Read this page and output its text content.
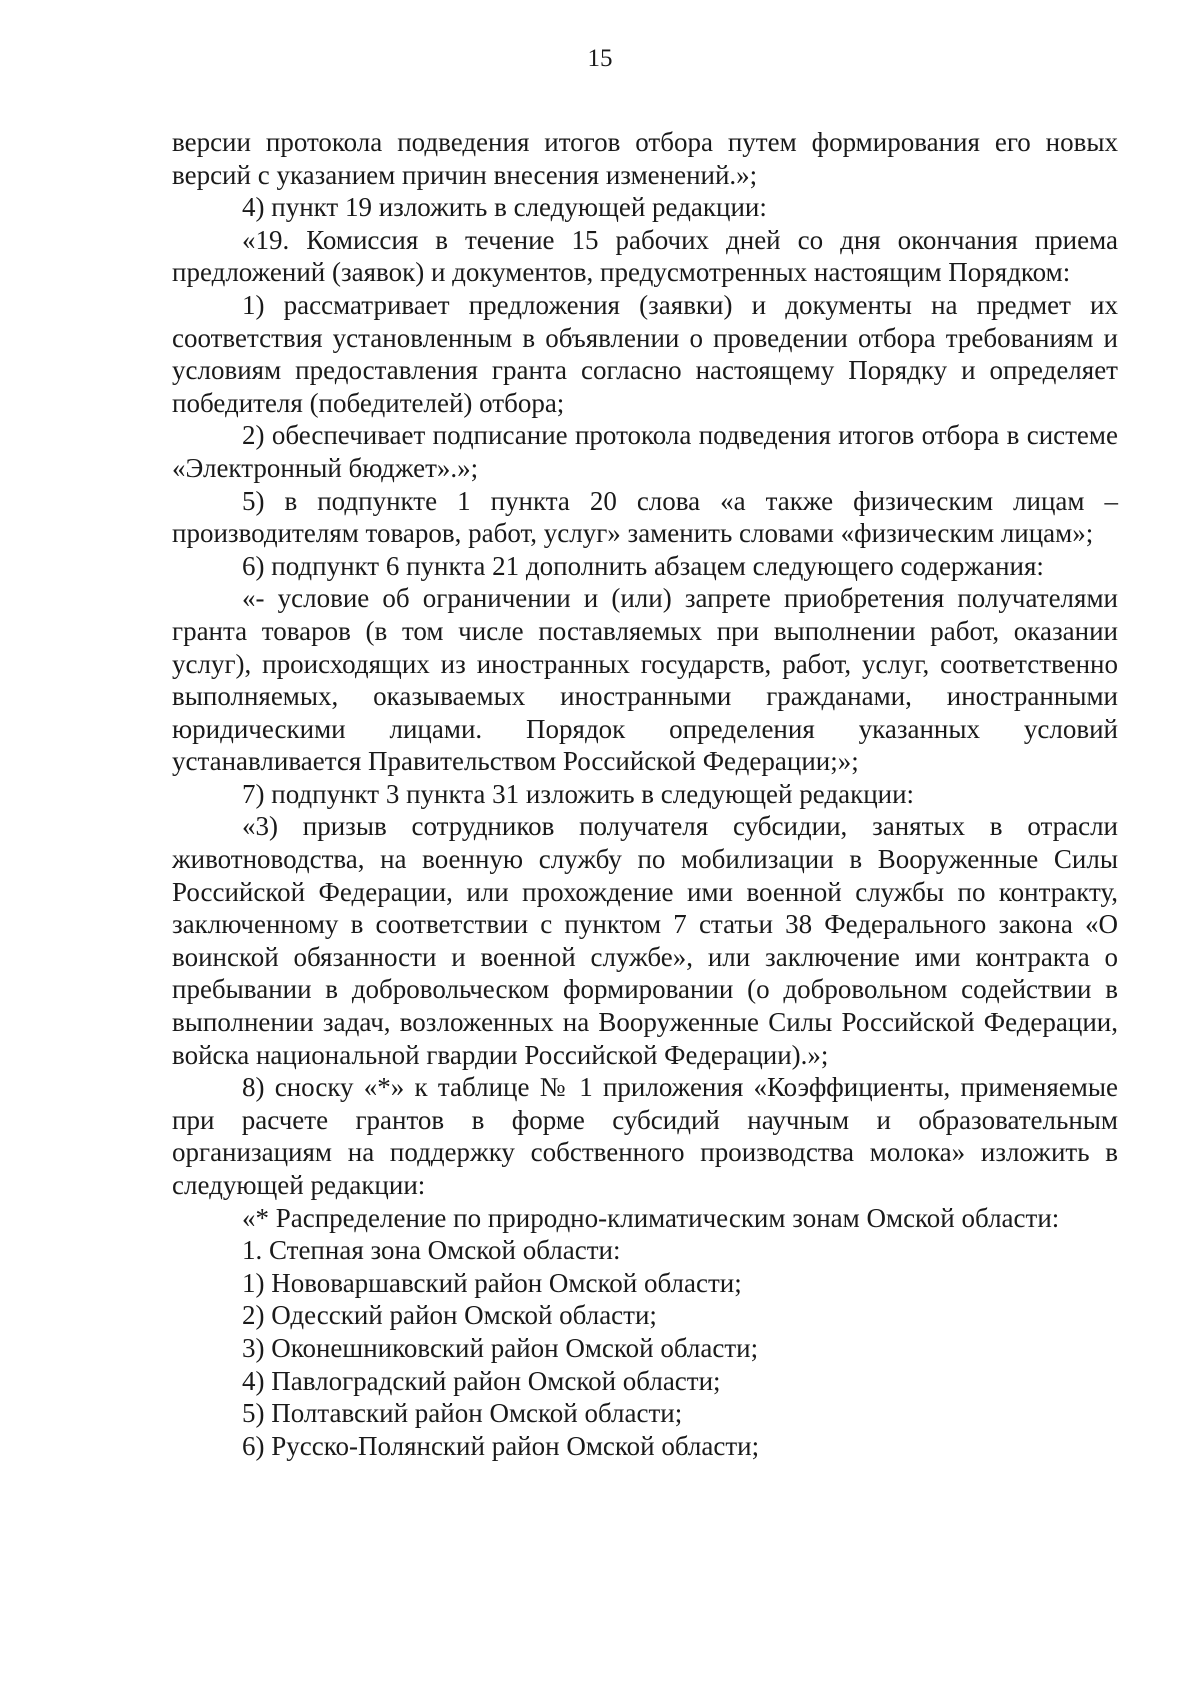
15

версии протокола подведения итогов отбора путем формирования его новых версий с указанием причин внесения изменений.»;

4) пункт 19 изложить в следующей редакции:

«19. Комиссия в течение 15 рабочих дней со дня окончания приема предложений (заявок) и документов, предусмотренных настоящим Порядком:

1) рассматривает предложения (заявки) и документы на предмет их соответствия установленным в объявлении о проведении отбора требованиям и условиям предоставления гранта согласно настоящему Порядку и определяет победителя (победителей) отбора;

2) обеспечивает подписание протокола подведения итогов отбора в системе «Электронный бюджет».»;

5) в подпункте 1 пункта 20 слова «а также физическим лицам – производителям товаров, работ, услуг» заменить словами «физическим лицам»;

6) подпункт 6 пункта 21 дополнить абзацем следующего содержания:

«- условие об ограничении и (или) запрете приобретения получателями гранта товаров (в том числе поставляемых при выполнении работ, оказании услуг), происходящих из иностранных государств, работ, услуг, соответственно выполняемых, оказываемых иностранными гражданами, иностранными юридическими лицами. Порядок определения указанных условий устанавливается Правительством Российской Федерации;»;

7) подпункт 3 пункта 31 изложить в следующей редакции:

«3) призыв сотрудников получателя субсидии, занятых в отрасли животноводства, на военную службу по мобилизации в Вооруженные Силы Российской Федерации, или прохождение ими военной службы по контракту, заключенному в соответствии с пунктом 7 статьи 38 Федерального закона «О воинской обязанности и военной службе», или заключение ими контракта о пребывании в добровольческом формировании (о добровольном содействии в выполнении задач, возложенных на Вооруженные Силы Российской Федерации, войска национальной гвардии Российской Федерации).»;

8) сноску «*» к таблице № 1 приложения «Коэффициенты, применяемые при расчете грантов в форме субсидий научным и образовательным организациям на поддержку собственного производства молока» изложить в следующей редакции:

«* Распределение по природно-климатическим зонам Омской области:

1. Степная зона Омской области:

1) Нововаршавский район Омской области;

2) Одесский район Омской области;

3) Оконешниковский район Омской области;

4) Павлоградский район Омской области;

5) Полтавский район Омской области;

6) Русско-Полянский район Омской области;
